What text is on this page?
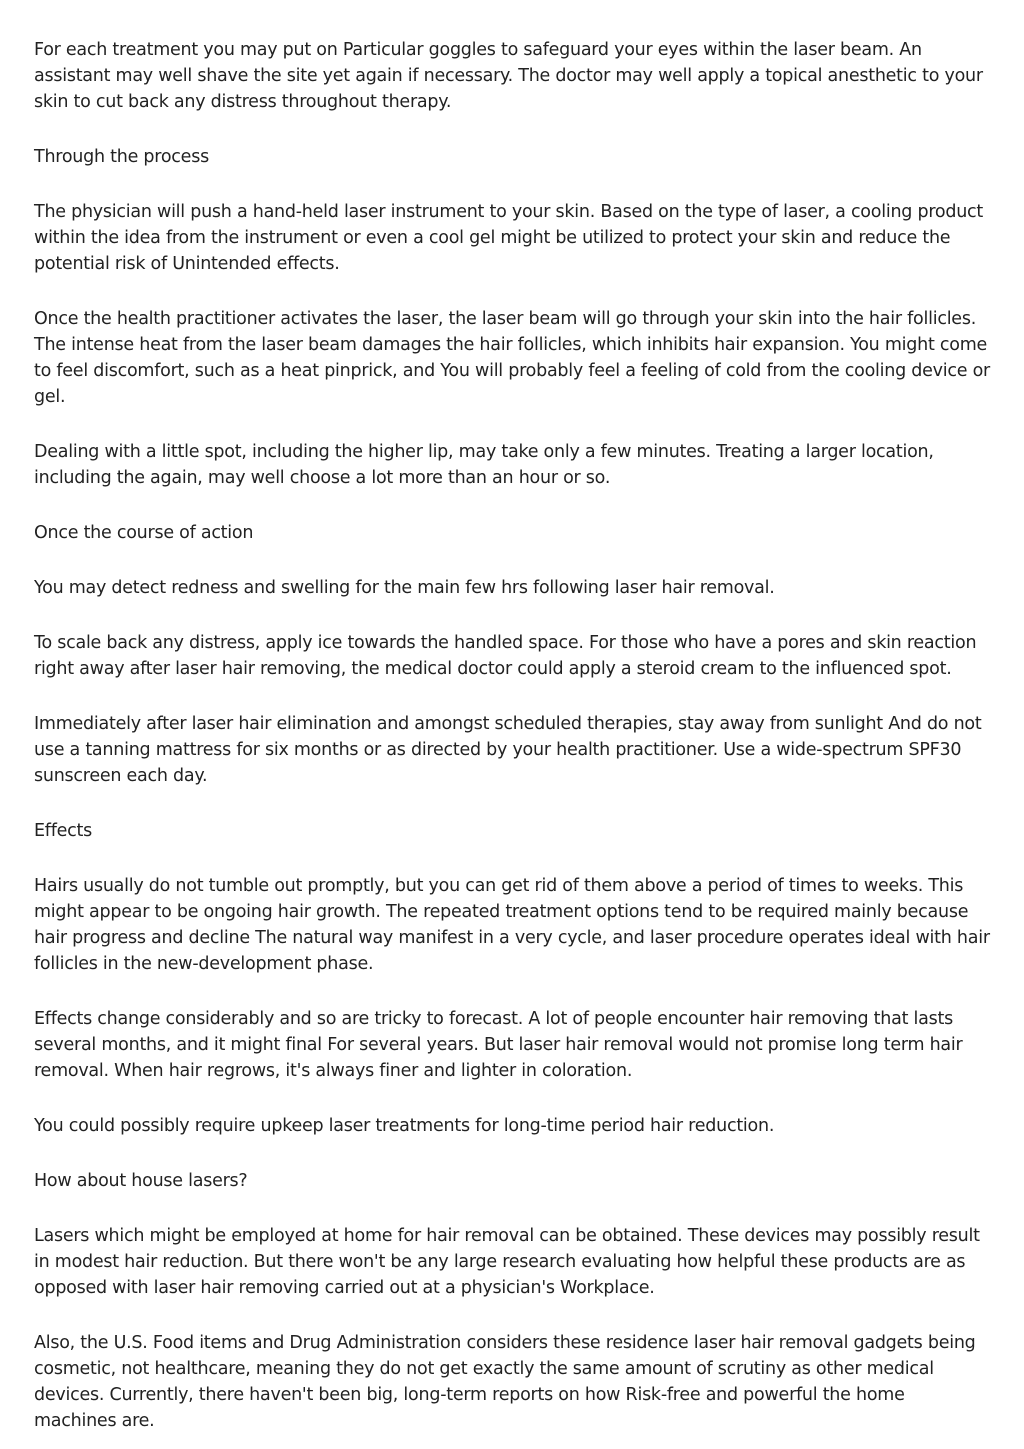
For each treatment you may put on Particular goggles to safeguard your eyes within the laser beam. An assistant may well shave the site yet again if necessary. The doctor may well apply a topical anesthetic to your skin to cut back any distress throughout therapy.

Through the process

The physician will push a hand-held laser instrument to your skin. Based on the type of laser, a cooling product within the idea from the instrument or even a cool gel might be utilized to protect your skin and reduce the potential risk of Unintended effects.

Once the health practitioner activates the laser, the laser beam will go through your skin into the hair follicles. The intense heat from the laser beam damages the hair follicles, which inhibits hair expansion. You might come to feel discomfort, such as a heat pinprick, and You will probably feel a feeling of cold from the cooling device or gel.

Dealing with a little spot, including the higher lip, may take only a few minutes. Treating a larger location, including the again, may well choose a lot more than an hour or so.

Once the course of action

You may detect redness and swelling for the main few hrs following laser hair removal.

To scale back any distress, apply ice towards the handled space. For those who have a pores and skin reaction right away after laser hair removing, the medical doctor could apply a steroid cream to the influenced spot.

Immediately after laser hair elimination and amongst scheduled therapies, stay away from sunlight And do not use a tanning mattress for six months or as directed by your health practitioner. Use a wide-spectrum SPF30 sunscreen each day.

Effects

Hairs usually do not tumble out promptly, but you can get rid of them above a period of times to weeks. This might appear to be ongoing hair growth. The repeated treatment options tend to be required mainly because hair progress and decline The natural way manifest in a very cycle, and laser procedure operates ideal with hair follicles in the new-development phase.

Effects change considerably and so are tricky to forecast. A lot of people encounter hair removing that lasts several months, and it might final For several years. But laser hair removal would not promise long term hair removal. When hair regrows, it's always finer and lighter in coloration.

You could possibly require upkeep laser treatments for long-time period hair reduction.

How about house lasers?

Lasers which might be employed at home for hair removal can be obtained. These devices may possibly result in modest hair reduction. But there won't be any large research evaluating how helpful these products are as opposed with laser hair removing carried out at a physician's Workplace.

Also, the U.S. Food items and Drug Administration considers these residence laser hair removal gadgets being cosmetic, not healthcare, meaning they do not get exactly the same amount of scrutiny as other medical devices. Currently, there haven't been big, long-term reports on how Risk-free and powerful the home machines are.
